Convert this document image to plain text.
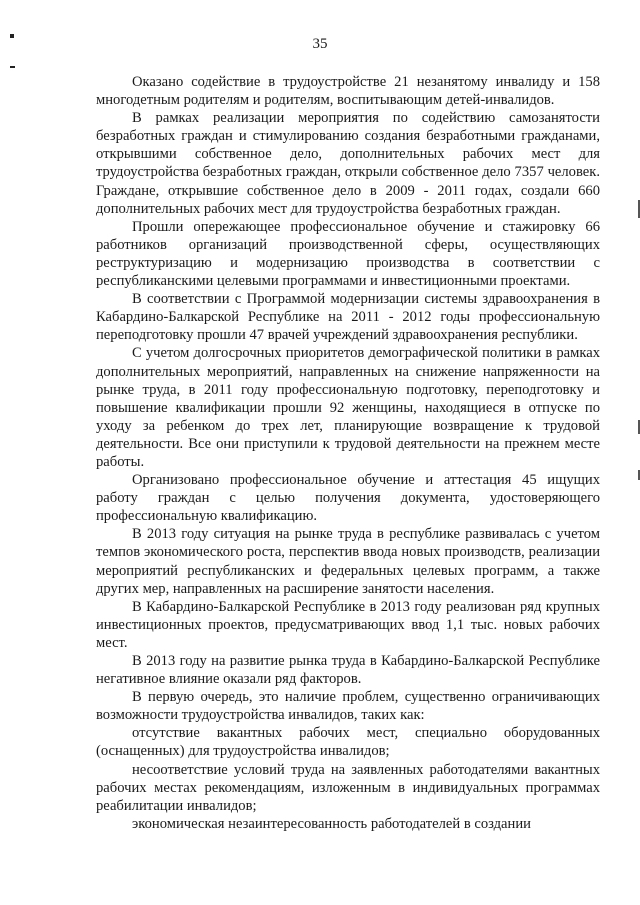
35

Оказано содействие в трудоустройстве 21 незанятому инвалиду и 158 многодетным родителям и родителям, воспитывающим детей-инвалидов.

В рамках реализации мероприятия по содействию самозанятости безработных граждан и стимулированию создания безработными гражданами, открывшими собственное дело, дополнительных рабочих мест для трудоустройства безработных граждан, открыли собственное дело 7357 человек. Граждане, открывшие собственное дело в 2009 - 2011 годах, создали 660 дополнительных рабочих мест для трудоустройства безработных граждан.

Прошли опережающее профессиональное обучение и стажировку 66 работников организаций производственной сферы, осуществляющих реструктуризацию и модернизацию производства в соответствии с республиканскими целевыми программами и инвестиционными проектами.

В соответствии с Программой модернизации системы здравоохранения в Кабардино-Балкарской Республике на 2011 - 2012 годы профессиональную переподготовку прошли 47 врачей учреждений здравоохранения республики.

С учетом долгосрочных приоритетов демографической политики в рамках дополнительных мероприятий, направленных на снижение напряженности на рынке труда, в 2011 году профессиональную подготовку, переподготовку и повышение квалификации прошли 92 женщины, находящиеся в отпуске по уходу за ребенком до трех лет, планирующие возвращение к трудовой деятельности. Все они приступили к трудовой деятельности на прежнем месте работы.

Организовано профессиональное обучение и аттестация 45 ищущих работу граждан с целью получения документа, удостоверяющего профессиональную квалификацию.

В 2013 году ситуация на рынке труда в республике развивалась с учетом темпов экономического роста, перспектив ввода новых производств, реализации мероприятий республиканских и федеральных целевых программ, а также других мер, направленных на расширение занятости населения.

В Кабардино-Балкарской Республике в 2013 году реализован ряд крупных инвестиционных проектов, предусматривающих ввод 1,1 тыс. новых рабочих мест.

В 2013 году на развитие рынка труда в Кабардино-Балкарской Республике негативное влияние оказали ряд факторов.

В первую очередь, это наличие проблем, существенно ограничивающих возможности трудоустройства инвалидов, таких как:

отсутствие вакантных рабочих мест, специально оборудованных (оснащенных) для трудоустройства инвалидов;

несоответствие условий труда на заявленных работодателями вакантных рабочих местах рекомендациям, изложенным в индивидуальных программах реабилитации инвалидов;

экономическая незаинтересованность работодателей в создании
